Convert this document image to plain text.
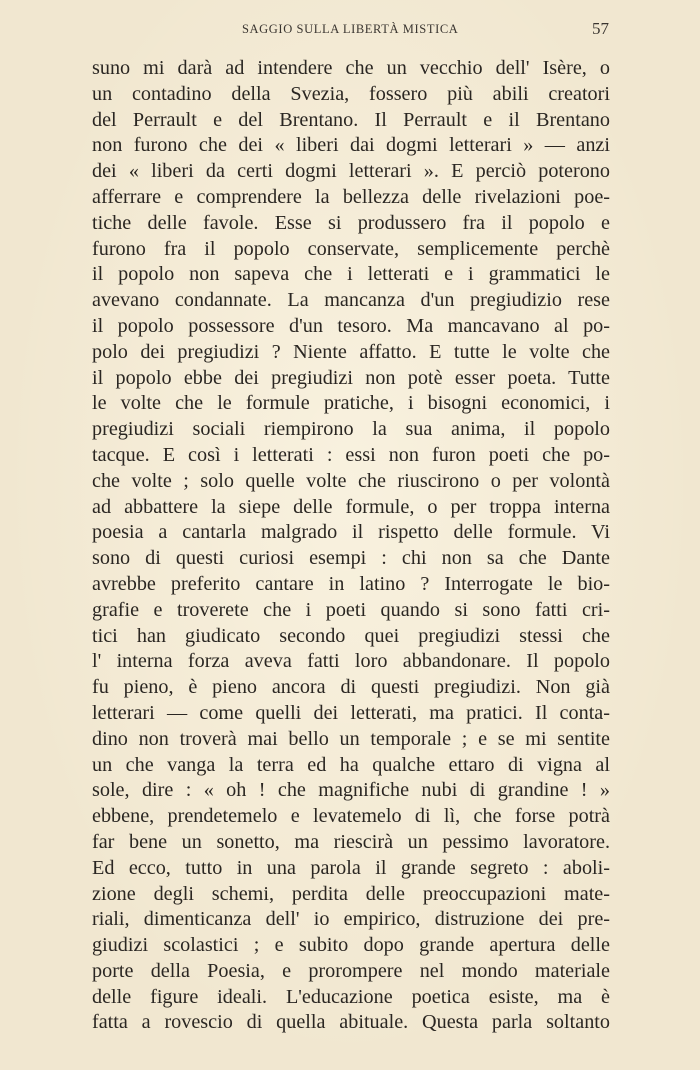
SAGGIO SULLA LIBERTÀ MISTICA	57
suno mi darà ad intendere che un vecchio dell' Isère, o
un contadino della Svezia, fossero più abili creatori
del Perrault e del Brentano. Il Perrault e il Brentano
non furono che dei « liberi dai dogmi letterari » — anzi
dei « liberi da certi dogmi letterari ». E perciò poterono
afferrare e comprendere la bellezza delle rivelazioni poe-
tiche delle favole. Esse si produssero fra il popolo e
furono fra il popolo conservate, semplicemente perchè
il popolo non sapeva che i letterati e i grammatici le
avevano condannate. La mancanza d'un pregiudizio rese
il popolo possessore d'un tesoro. Ma mancavano al po-
polo dei pregiudizi ? Niente affatto. E tutte le volte che
il popolo ebbe dei pregiudizi non potè esser poeta. Tutte
le volte che le formule pratiche, i bisogni economici, i
pregiudizi sociali riempirono la sua anima, il popolo
tacque. E così i letterati : essi non furon poeti che po-
che volte ; solo quelle volte che riuscirono o per volontà
ad abbattere la siepe delle formule, o per troppa interna
poesia a cantarla malgrado il rispetto delle formule. Vi
sono di questi curiosi esempi : chi non sa che Dante
avrebbe preferito cantare in latino ? Interrogate le bio-
grafie e troverete che i poeti quando si sono fatti cri-
tici han giudicato secondo quei pregiudizi stessi che
l' interna forza aveva fatti loro abbandonare. Il popolo
fu pieno, è pieno ancora di questi pregiudizi. Non già
letterari — come quelli dei letterati, ma pratici. Il conta-
dino non troverà mai bello un temporale ; e se mi sentite
un che vanga la terra ed ha qualche ettaro di vigna al
sole, dire : « oh ! che magnifiche nubi di grandine ! »
ebbene, prendetemelo e levatemelo di lì, che forse potrà
far bene un sonetto, ma riescirà un pessimo lavoratore.
Ed ecco, tutto in una parola il grande segreto : aboli-
zione degli schemi, perdita delle preoccupazioni mate-
riali, dimenticanza dell' io empirico, distruzione dei pre-
giudizi scolastici ; e subito dopo grande apertura delle
porte della Poesia, e prorompere nel mondo materiale
delle figure ideali. L'educazione poetica esiste, ma è
fatta a rovescio di quella abituale. Questa parla soltanto
